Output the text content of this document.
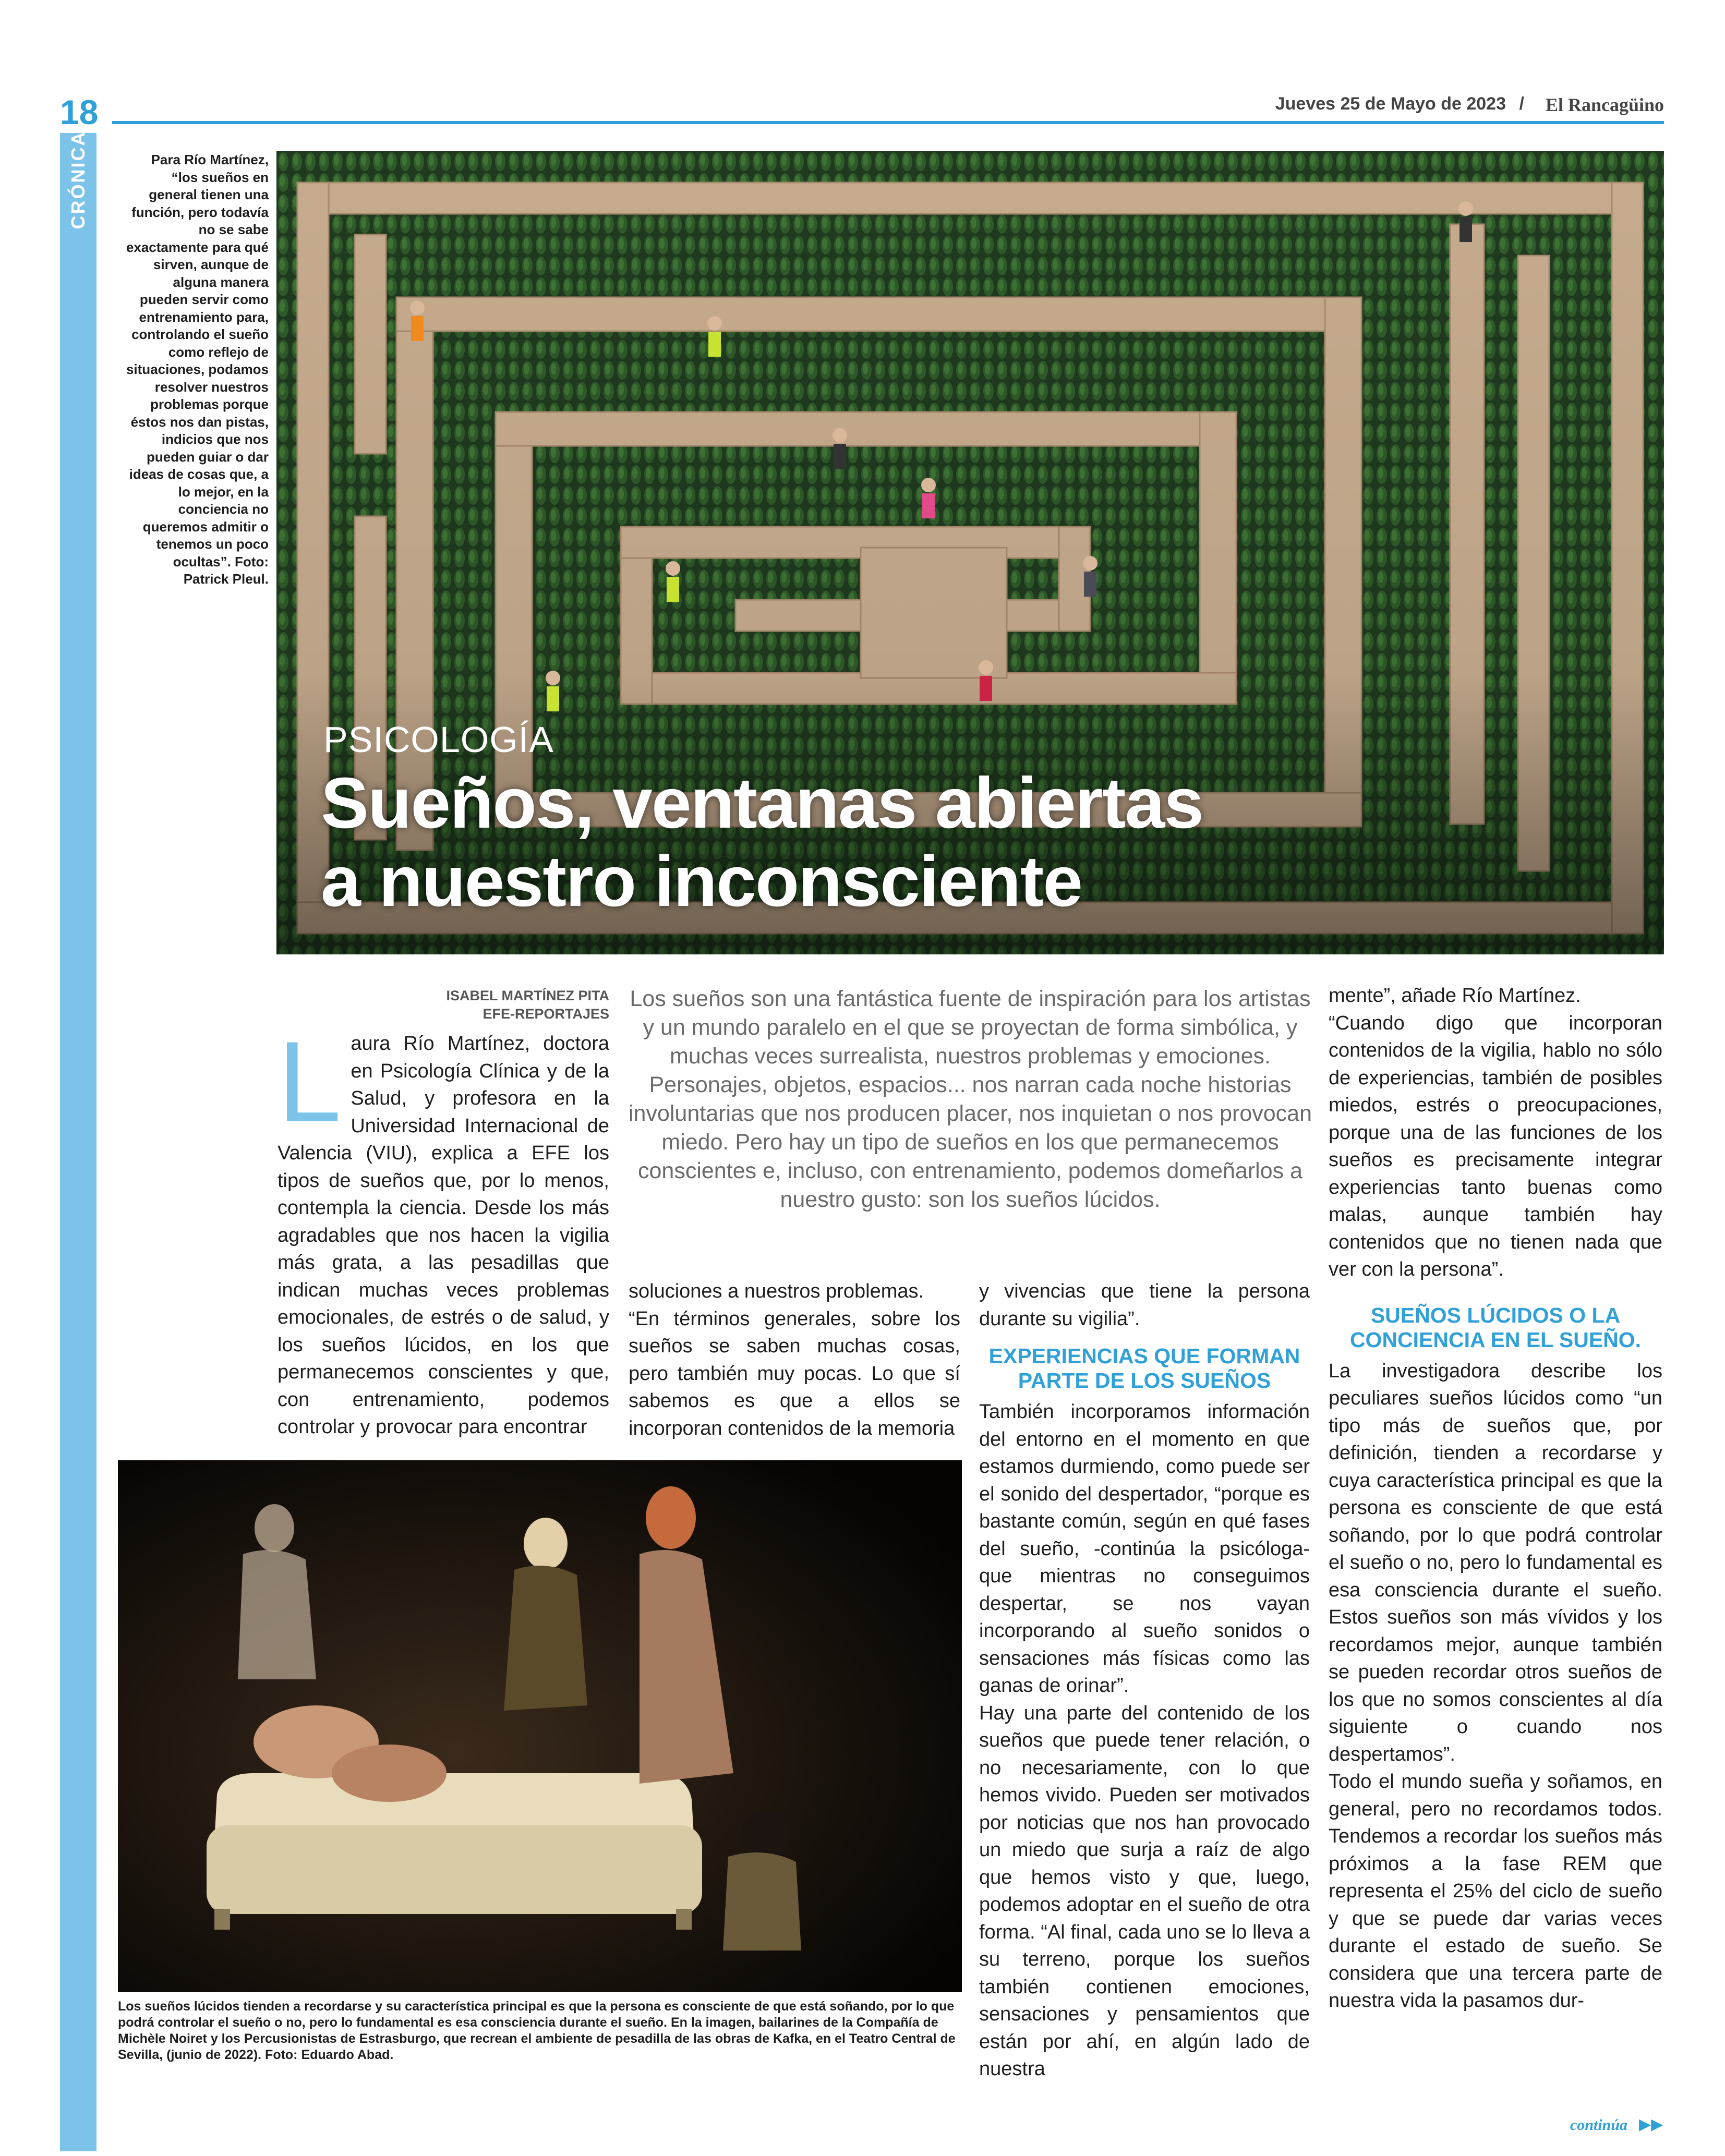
18
CRÓNICA
Jueves 25 de Mayo de 2023 / El Rancagüino
Para Río Martínez, “los sueños en general tienen una función, pero todavía no se sabe exactamente para qué sirven, aunque de alguna manera pueden servir como entrenamiento para, controlando el sueño como reflejo de situaciones, podamos resolver nuestros problemas porque éstos nos dan pistas, indicios que nos pueden guiar o dar ideas de cosas que, a lo mejor, en la conciencia no queremos admitir o tenemos un poco ocultas”. Foto: Patrick Pleul.
PSICOLOGÍA
Sueños, ventanas abiertas
a nuestro inconsciente
ISABEL MARTÍNEZ PITA
EFE-REPORTAJES
Los sueños son una fantástica fuente de inspiración para los artistas y un mundo paralelo en el que se proyectan de forma simbólica, y muchas veces surrealista, nuestros problemas y emociones. Personajes, objetos, espacios... nos narran cada noche historias involuntarias que nos producen placer, nos inquietan o nos provocan miedo. Pero hay un tipo de sueños en los que permanecemos conscientes e, incluso, con entrenamiento, podemos domeñarlos a nuestro gusto: son los sueños lúcidos.

Laura Río Martínez, doctora en Psicología Clínica y de la Salud, y profesora en la Universidad Internacional de Valencia (VIU), explica a EFE los tipos de sueños que, por lo menos, contempla la ciencia. Desde los más agradables que nos hacen la vigilia más grata, a las pesadillas que indican muchas veces problemas emocionales, de estrés o de salud, y los sueños lúcidos, en los que permanecemos conscientes y que, con entrenamiento, podemos controlar y provocar para encontrar

soluciones a nuestros problemas.

“En términos generales, sobre los sueños se saben muchas cosas, pero también muy pocas. Lo que sí sabemos es que a ellos se incorporan contenidos de la memoria

y vivencias que tiene la persona durante su vigilia”.

EXPERIENCIAS QUE FORMAN PARTE DE LOS SUEÑOS

También incorporamos información del entorno en el momento en que estamos durmiendo, como puede ser el sonido del despertador, “porque es bastante común, según en qué fases del sueño, -continúa la psicóloga- que mientras no conseguimos despertar, se nos vayan incorporando al sueño sonidos o sensaciones más físicas como las ganas de orinar”.

Hay una parte del contenido de los sueños que puede tener relación, o no necesariamente, con lo que hemos vivido. Pueden ser motivados por noticias que nos han provocado un miedo que surja a raíz de algo que hemos visto y que, luego, podemos adoptar en el sueño de otra forma. “Al final, cada uno se lo lleva a su terreno, porque los sueños también contienen emociones, sensaciones y pensamientos que están por ahí, en algún lado de nuestra

mente”, añade Río Martínez.

“Cuando digo que incorporan contenidos de la vigilia, hablo no sólo de experiencias, también de posibles miedos, estrés o preocupaciones, porque una de las funciones de los sueños es precisamente integrar experiencias tanto buenas como malas, aunque también hay contenidos que no tienen nada que ver con la persona”.

SUEÑOS LÚCIDOS O LA CONCIENCIA EN EL SUEÑO.

La investigadora describe los peculiares sueños lúcidos como “un tipo más de sueños que, por definición, tienden a recordarse y cuya característica principal es que la persona es consciente de que está soñando, por lo que podrá controlar el sueño o no, pero lo fundamental es esa consciencia durante el sueño. Estos sueños son más vívidos y los recordamos mejor, aunque también se pueden recordar otros sueños de los que no somos conscientes al día siguiente o cuando nos despertamos”.

Todo el mundo sueña y soñamos, en general, pero no recordamos todos. Tendemos a recordar los sueños más próximos a la fase REM que representa el 25% del ciclo de sueño y que se puede dar varias veces durante el estado de sueño. Se considera que una tercera parte de nuestra vida la pasamos dur-

Los sueños lúcidos tienden a recordarse y su característica principal es que la persona es consciente de que está soñando, por lo que podrá controlar el sueño o no, pero lo fundamental es esa consciencia durante el sueño. En la imagen, bailarines de la Compañía de Michèle Noiret y los Percusionistas de Estrasburgo, que recrean el ambiente de pesadilla de las obras de Kafka, en el Teatro Central de Sevilla, (junio de 2022). Foto: Eduardo Abad.
continúa ▶▶
